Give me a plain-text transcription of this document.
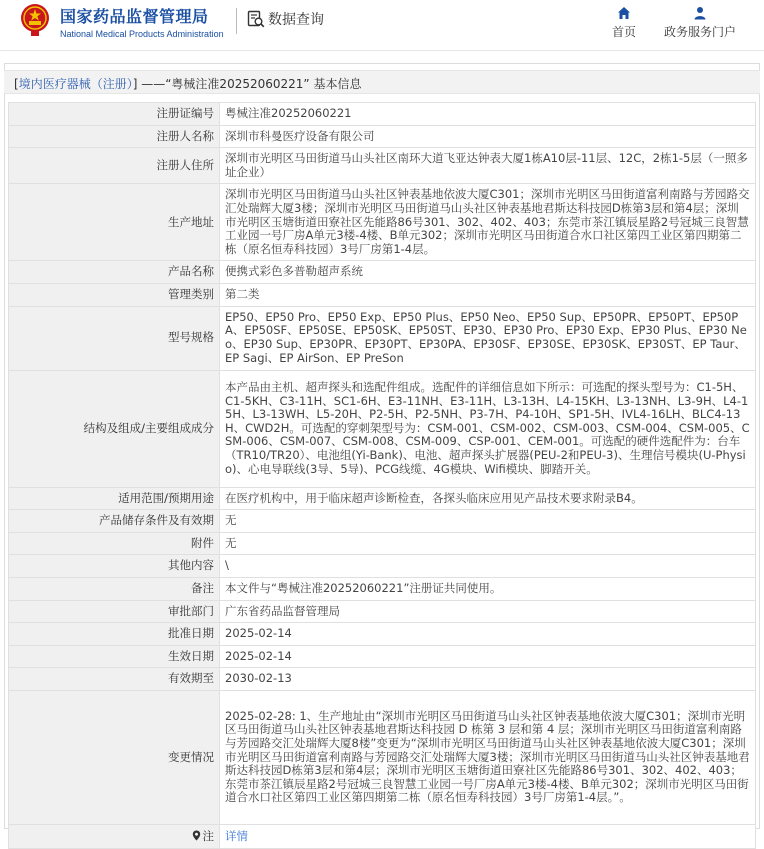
国家药品监督管理局
National Medical Products Administration
数据查询
首页	政务服务门户
[境内医疗器械（注册）] ——“粤械注准20252060221” 基本信息
注册证编号	粤械注准20252060221
注册人名称	深圳市科曼医疗设备有限公司
注册人住所	深圳市光明区马田街道马山头社区南环大道飞亚达钟表大厦1栋A10层-11层、12C，2栋1-5层（一照多址企业）
生产地址	深圳市光明区马田街道马山头社区钟表基地依波大厦C301；深圳市光明区马田街道富利南路与芳园路交汇处瑞辉大厦3楼；深圳市光明区马田街道马山头社区钟表基地君斯达科技园D栋第3层和第4层；深圳市光明区玉塘街道田寮社区先能路86号301、302、402、403；东莞市茶江镇辰星路2号冠城三良智慧工业园一号厂房A单元3楼-4楼、B单元302；深圳市光明区马田街道合水口社区第四工业区第四期第二栋（原名恒寿科技园）3号厂房第1-4层。
产品名称	便携式彩色多普勒超声系统
管理类别	第二类
型号规格	EP50、EP50 Pro、EP50 Exp、EP50 Plus、EP50 Neo、EP50 Sup、EP50PR、EP50PT、EP50PA、EP50SF、EP50SE、EP50SK、EP50ST、EP30、EP30 Pro、EP30 Exp、EP30 Plus、EP30 Neo、EP30 Sup、EP30PR、EP30PT、EP30PA、EP30SF、EP30SE、EP30SK、EP30ST、EP Taur、EP Sagi、EP AirSon、EP PreSon
结构及组成/主要组成成分	本产品由主机、超声探头和选配件组成。选配件的详细信息如下所示：可选配的探头型号为：C1-5H、C1-5KH、C3-11H、SC1-6H、E3-11NH、E3-11H、L3-13H、L4-15KH、L3-13NH、L3-9H、L4-15H、L3-13WH、L5-20H、P2-5H、P2-5NH、P3-7H、P4-10H、SP1-5H、IVL4-16LH、BLC4-13H、CWD2H。可选配的穿刺架型号为：CSM-001、CSM-002、CSM-003、CSM-004、CSM-005、CSM-006、CSM-007、CSM-008、CSM-009、CSP-001、CEM-001。可选配的硬件选配件为：台车（TR10/TR20）、电池组(Yi-Bank)、电池、超声探头扩展器(PEU-2和PEU-3)、生理信号模块(U-Physio)、心电导联线(3导、5导)、PCG线缆、4G模块、Wifi模块、脚踏开关。
适用范围/预期用途	在医疗机构中，用于临床超声诊断检查，各探头临床应用见产品技术要求附录B4。
产品储存条件及有效期	无
附件	无
其他内容	\
备注	本文件与“粤械注准20252060221”注册证共同使用。
审批部门	广东省药品监督管理局
批准日期	2025-02-14
生效日期	2025-02-14
有效期至	2030-02-13
变更情况	2025-02-28: 1、生产地址由“深圳市光明区马田街道马山头社区钟表基地依波大厦C301；深圳市光明区马田街道马山头社区钟表基地君斯达科技园 D 栋第 3 层和第 4 层；深圳市光明区马田街道富利南路与芳园路交汇处瑞辉大厦8楼”变更为“深圳市光明区马田街道马山头社区钟表基地依波大厦C301；深圳市光明区马田街道富利南路与芳园路交汇处瑞辉大厦3楼；深圳市光明区马田街道马山头社区钟表基地君斯达科技园D栋第3层和第4层；深圳市光明区玉塘街道田寮社区先能路86号301、302、402、403；东莞市茶江镇辰星路2号冠城三良智慧工业园一号厂房A单元3楼-4楼、B单元302；深圳市光明区马田街道合水口社区第四工业区第四期第二栋（原名恒寿科技园）3号厂房第1-4层。”。
注	详情
